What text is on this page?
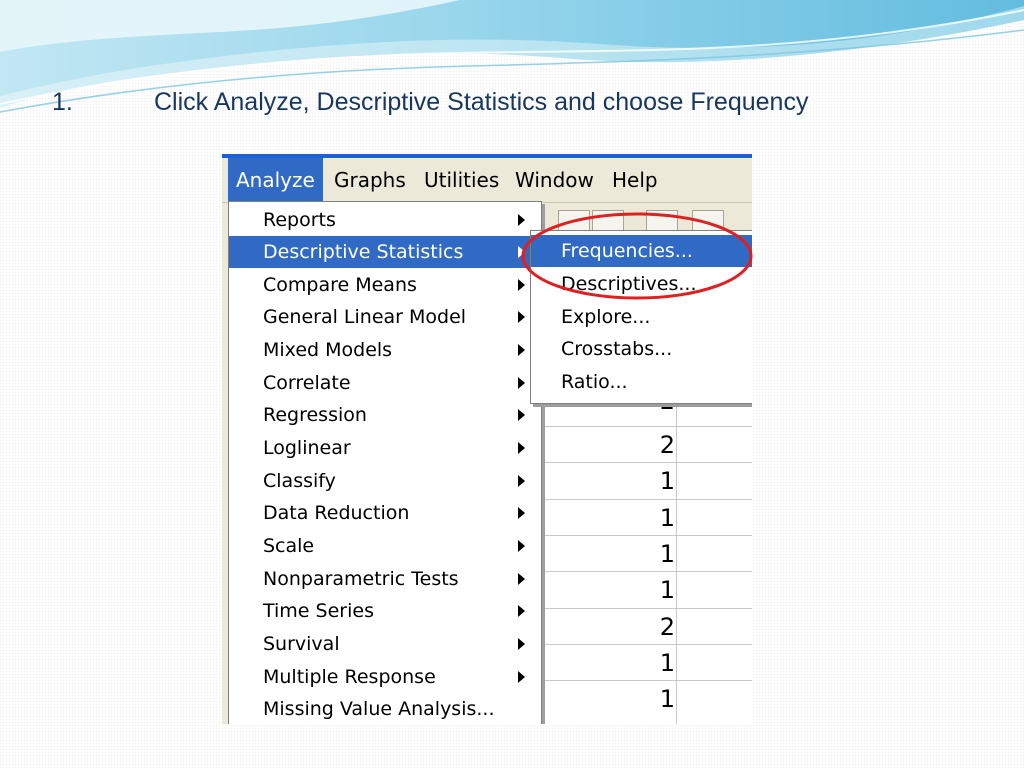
1.	Click Analyze, Descriptive Statistics and choose Frequency
Analyze Graphs Utilities Window Help
2
1
1
1
1
2
1
1
Reports
Descriptive Statistics
Compare Means
General Linear Model
Mixed Models
Correlate
Regression
Loglinear
Classify
Data Reduction
Scale
Nonparametric Tests
Time Series
Survival
Multiple Response
Missing Value Analysis...
Frequencies...
Descriptives...
Explore...
Crosstabs...
Ratio...
